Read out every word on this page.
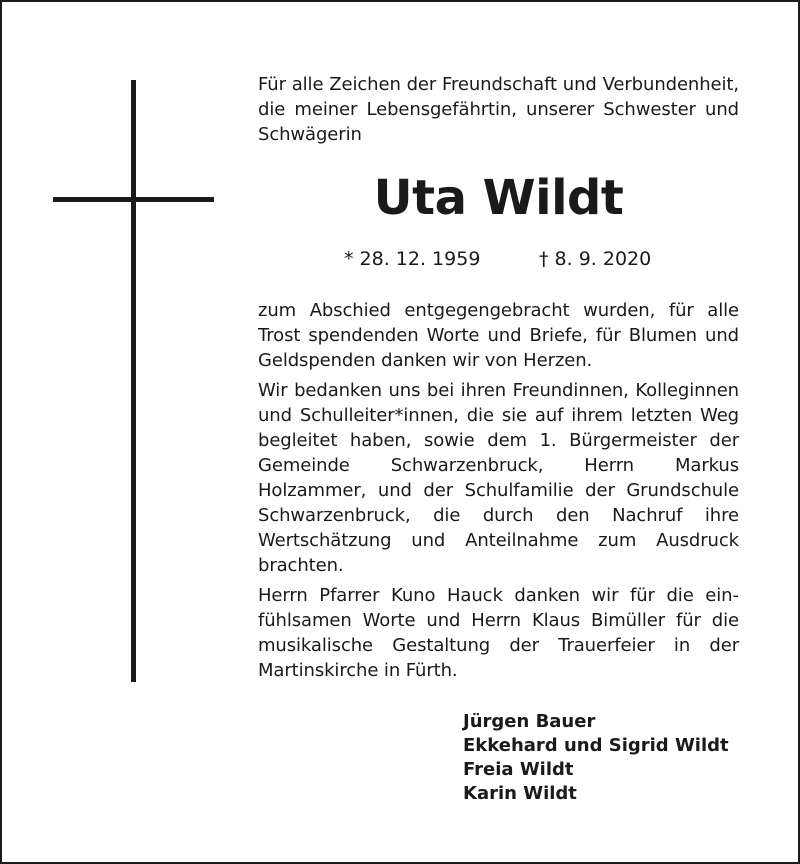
Für alle Zeichen der Freundschaft und Verbundenheit, die meiner Lebensgefährtin, unserer Schwester und Schwägerin

Uta Wildt
* 28. 12. 1959	† 8. 9. 2020

zum Abschied entgegengebracht wurden, für alle Trost spendenden Worte und Briefe, für Blumen und Geldspenden danken wir von Herzen.

Wir bedanken uns bei ihren Freundinnen, Kolleginnen und Schulleiter*innen, die sie auf ihrem letzten Weg begleitet haben, sowie dem 1. Bürgermeister der Gemeinde Schwarzenbruck, Herrn Markus Holzammer, und der Schulfamilie der Grundschule Schwarzenbruck, die durch den Nachruf ihre Wertschätzung und Anteilnahme zum Ausdruck brachten.

Herrn Pfarrer Kuno Hauck danken wir für die einfühlsamen Worte und Herrn Klaus Bimüller für die musikalische Gestaltung der Trauerfeier in der Martinskirche in Fürth.

Jürgen Bauer
Ekkehard und Sigrid Wildt
Freia Wildt
Karin Wildt
